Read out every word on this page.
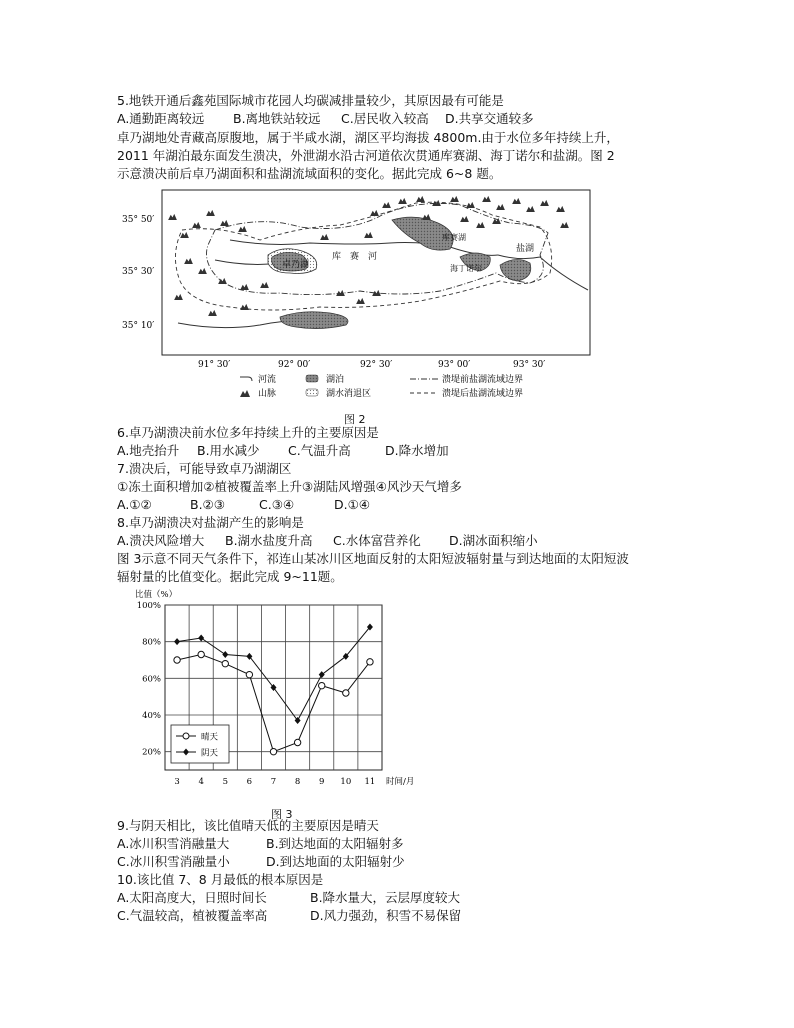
5.地铁开通后鑫苑国际城市花园人均碳减排量较少，其原因最有可能是
A.通勤距离较远 B.离地铁站较远 C.居民收入较高 D.共享交通较多
卓乃湖地处青藏高原腹地，属于半咸水湖，湖区平均海拔 4800m.由于水位多年持续上升，
2011 年湖泊最东面发生溃决，外泄湖水沿古河道依次贯通库赛湖、海丁诺尔和盐湖。图 2
示意溃决前后卓乃湖面积和盐湖流域面积的变化。据此完成 6~8 题。
35° 50′
35° 30′
35° 10′
91° 30′	92° 00′	92° 30′	93° 00′	93° 30′
卓乃湖
库　赛　河
库赛湖
海丁诺尔
盐湖
河流	湖泊	溃堤前盐湖流域边界
山脉	湖水消退区	溃堤后盐湖流域边界
图 2
6.卓乃湖溃决前水位多年持续上升的主要原因是
A.地壳抬升 B.用水减少 C.气温升高	D.降水增加
7.溃决后，可能导致卓乃湖湖区
①冻土面积增加②植被覆盖率上升③湖陆风增强④风沙天气增多
A.①②	B.②③	C.③④	D.①④
8.卓乃湖溃决对盐湖产生的影响是
A.溃决风险增大 B.湖水盐度升高 C.水体富营养化 D.湖冰面积缩小
图 3示意不同天气条件下，祁连山某冰川区地面反射的太阳短波辐射量与到达地面的太阳短波
辐射量的比值变化。据此完成 9~11题。
20%
40%
60%
80%
100%
3 4 5 6 7 8 9 10 11
比值（%）
时间/月
晴天
阴天
图 3
9.与阴天相比，该比值晴天低的主要原因是晴天
A.冰川积雪消融量大	B.到达地面的太阳辐射多
C.冰川积雪消融量小	D.到达地面的太阳辐射少
10.该比值 7、8 月最低的根本原因是
A.太阳高度大，日照时间长	B.降水量大，云层厚度较大
C.气温较高，植被覆盖率高	D.风力强劲，积雪不易保留
